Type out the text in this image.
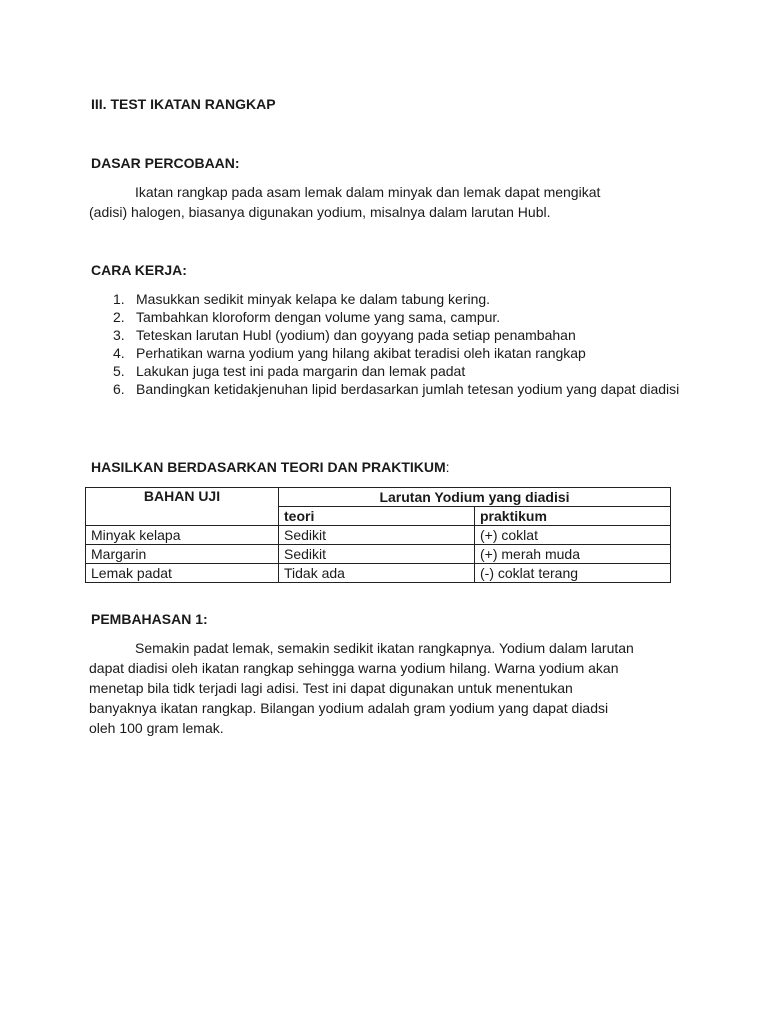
III. TEST IKATAN RANGKAP
DASAR PERCOBAAN:
Ikatan rangkap pada asam lemak dalam minyak dan lemak dapat mengikat
(adisi) halogen, biasanya digunakan yodium, misalnya dalam larutan Hubl.
CARA KERJA:
1. Masukkan sedikit minyak kelapa ke dalam tabung kering.
2. Tambahkan kloroform dengan volume yang sama, campur.
3. Teteskan larutan Hubl (yodium) dan goyyang pada setiap penambahan
4. Perhatikan warna yodium yang hilang akibat teradisi oleh ikatan rangkap
5. Lakukan juga test ini pada margarin dan lemak padat
6. Bandingkan ketidakjenuhan lipid berdasarkan jumlah tetesan yodium yang dapat diadisi
HASILKAN BERDASARKAN TEORI DAN PRAKTIKUM:
BAHAN UJI	Larutan Yodium yang diadisi	
	teori	praktikum
Minyak kelapa	Sedikit	(+) coklat
Margarin	Sedikit	(+) merah muda
Lemak padat	Tidak ada	(-) coklat terang
PEMBAHASAN 1:
Semakin padat lemak, semakin sedikit ikatan rangkapnya. Yodium dalam larutan
dapat diadisi oleh ikatan rangkap sehingga warna yodium hilang. Warna yodium akan
menetap bila tidk terjadi lagi adisi. Test ini dapat digunakan untuk menentukan
banyaknya ikatan rangkap. Bilangan yodium adalah gram yodium yang dapat diadsi
oleh 100 gram lemak.
